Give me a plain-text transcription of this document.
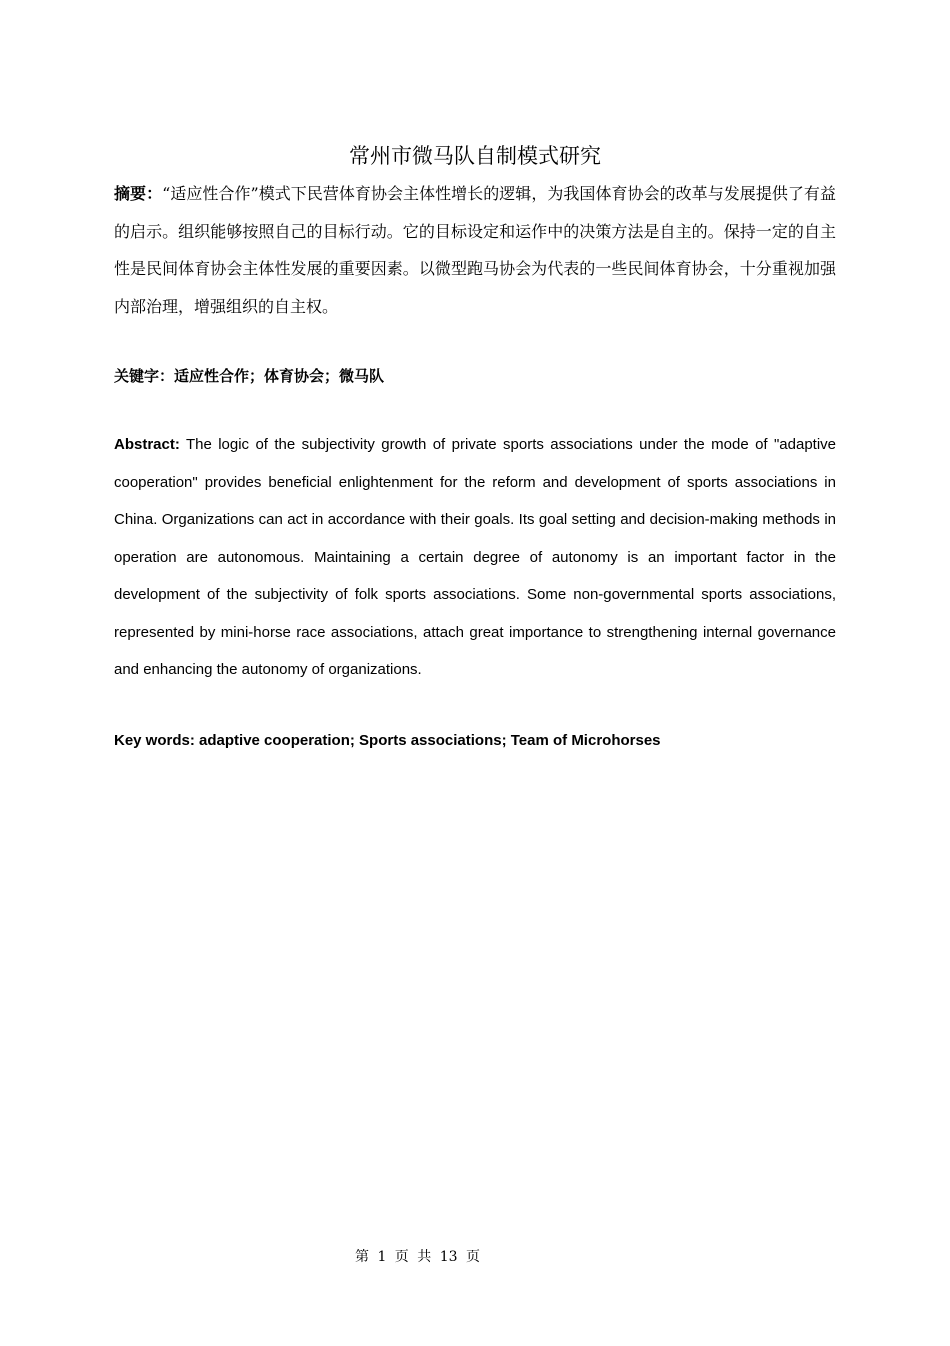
常州市微马队自制模式研究

摘要：“适应性合作”模式下民营体育协会主体性增长的逻辑，为我国体育协会的改革与发展提供了有益的启示。组织能够按照自己的目标行动。它的目标设定和运作中的决策方法是自主的。保持一定的自主性是民间体育协会主体性发展的重要因素。以微型跑马协会为代表的一些民间体育协会，十分重视加强内部治理，增强组织的自主权。

关键字：适应性合作；体育协会；微马队

Abstract: The logic of the subjectivity growth of private sports associations under the mode of "adaptive cooperation" provides beneficial enlightenment for the reform and development of sports associations in China. Organizations can act in accordance with their goals. Its goal setting and decision-making methods in operation are autonomous. Maintaining a certain degree of autonomy is an important factor in the development of the subjectivity of folk sports associations. Some non-governmental sports associations, represented by mini-horse race associations, attach great importance to strengthening internal governance and enhancing the autonomy of organizations.

Key words: adaptive cooperation; Sports associations; Team of Microhorses

第 1 页 共 13 页
